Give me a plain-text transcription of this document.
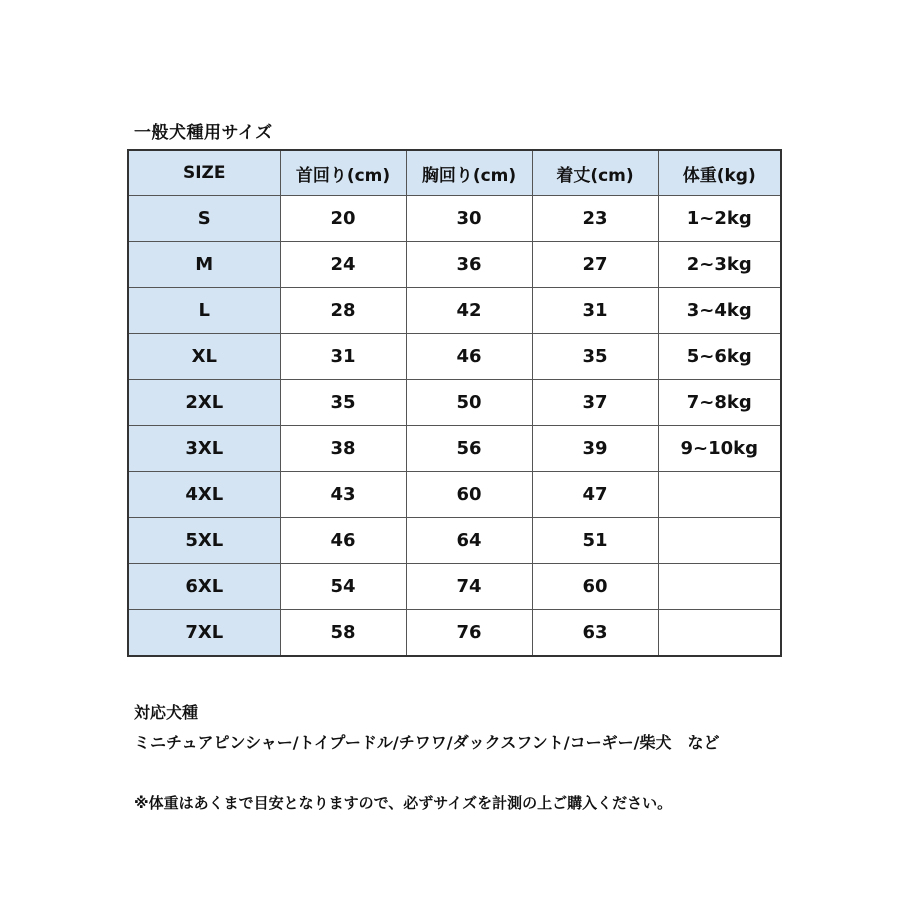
一般犬種用サイズ
SIZE	首回り(cm)	胸回り(cm)	着丈(cm)	体重(kg)
S	20	30	23	1~2kg
M	24	36	27	2~3kg
L	28	42	31	3~4kg
XL	31	46	35	5~6kg
2XL	35	50	37	7~8kg
3XL	38	56	39	9~10kg
4XL	43	60	47	
5XL	46	64	51	
6XL	54	74	60	
7XL	58	76	63	
対応犬種
ミニチュアピンシャー/トイプードル/チワワ/ダックスフント/コーギー/柴犬　など
※体重はあくまで目安となりますので、必ずサイズを計測の上ご購入ください。
